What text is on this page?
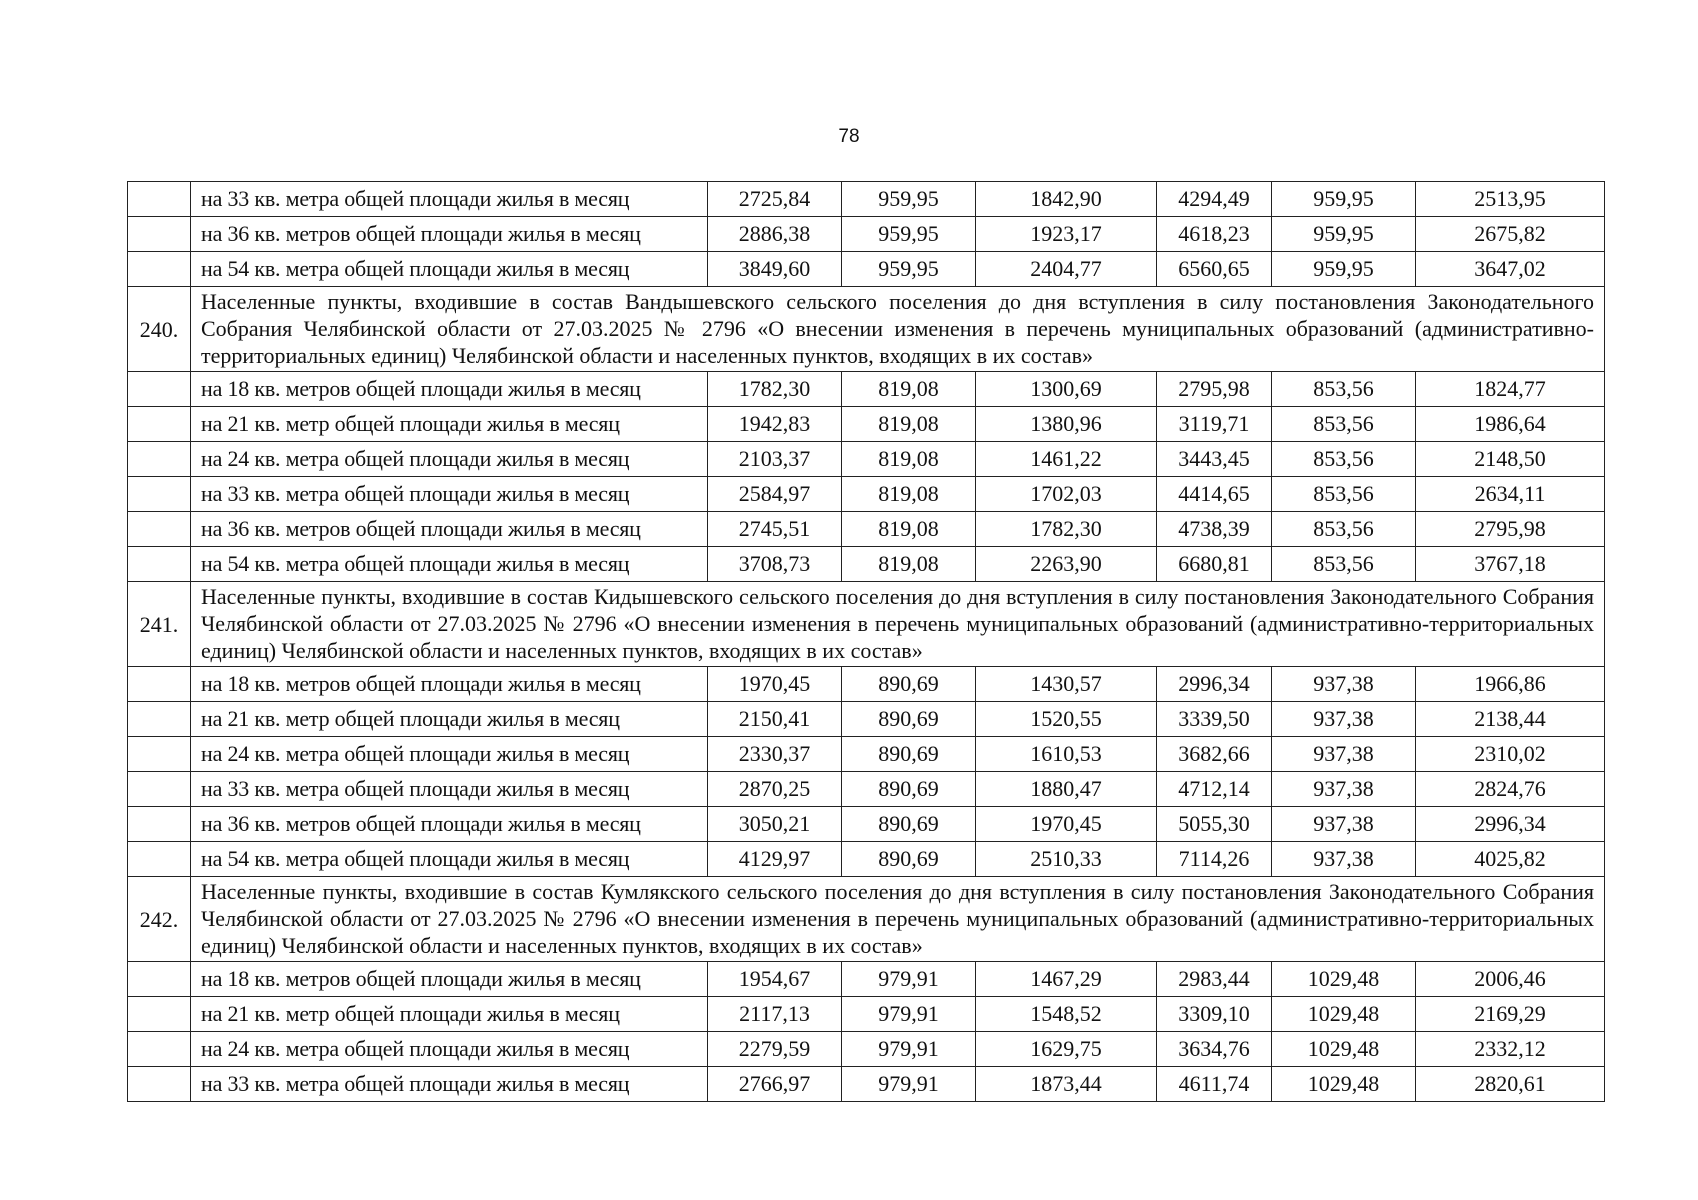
78
	на 33 кв. метра общей площади жилья в месяц	2725,84	959,95	1842,90	4294,49	959,95	2513,95
	на 36 кв. метров общей площади жилья в месяц	2886,38	959,95	1923,17	4618,23	959,95	2675,82
	на 54 кв. метра общей площади жилья в месяц	3849,60	959,95	2404,77	6560,65	959,95	3647,02
240.	Населенные пункты, входившие в состав Вандышевского сельского поселения до дня вступления в силу постановления Законодательного Собрания Челябинской области от 27.03.2025 № 2796 «О внесении изменения в перечень муниципальных образований (административно-территориальных единиц) Челябинской области и населенных пунктов, входящих в их состав»						
	на 18 кв. метров общей площади жилья в месяц	1782,30	819,08	1300,69	2795,98	853,56	1824,77
	на 21 кв. метр общей площади жилья в месяц	1942,83	819,08	1380,96	3119,71	853,56	1986,64
	на 24 кв. метра общей площади жилья в месяц	2103,37	819,08	1461,22	3443,45	853,56	2148,50
	на 33 кв. метра общей площади жилья в месяц	2584,97	819,08	1702,03	4414,65	853,56	2634,11
	на 36 кв. метров общей площади жилья в месяц	2745,51	819,08	1782,30	4738,39	853,56	2795,98
	на 54 кв. метра общей площади жилья в месяц	3708,73	819,08	2263,90	6680,81	853,56	3767,18
241.	Населенные пункты, входившие в состав Кидышевского сельского поселения до дня вступления в силу постановления Законодательного Собрания Челябинской области от 27.03.2025 № 2796 «О внесении изменения в перечень муниципальных образований (административно-территориальных единиц) Челябинской области и населенных пунктов, входящих в их состав»						
	на 18 кв. метров общей площади жилья в месяц	1970,45	890,69	1430,57	2996,34	937,38	1966,86
	на 21 кв. метр общей площади жилья в месяц	2150,41	890,69	1520,55	3339,50	937,38	2138,44
	на 24 кв. метра общей площади жилья в месяц	2330,37	890,69	1610,53	3682,66	937,38	2310,02
	на 33 кв. метра общей площади жилья в месяц	2870,25	890,69	1880,47	4712,14	937,38	2824,76
	на 36 кв. метров общей площади жилья в месяц	3050,21	890,69	1970,45	5055,30	937,38	2996,34
	на 54 кв. метра общей площади жилья в месяц	4129,97	890,69	2510,33	7114,26	937,38	4025,82
242.	Населенные пункты, входившие в состав Кумлякского сельского поселения до дня вступления в силу постановления Законодательного Собрания Челябинской области от 27.03.2025 № 2796 «О внесении изменения в перечень муниципальных образований (административно-территориальных единиц) Челябинской области и населенных пунктов, входящих в их состав»						
	на 18 кв. метров общей площади жилья в месяц	1954,67	979,91	1467,29	2983,44	1029,48	2006,46
	на 21 кв. метр общей площади жилья в месяц	2117,13	979,91	1548,52	3309,10	1029,48	2169,29
	на 24 кв. метра общей площади жилья в месяц	2279,59	979,91	1629,75	3634,76	1029,48	2332,12
	на 33 кв. метра общей площади жилья в месяц	2766,97	979,91	1873,44	4611,74	1029,48	2820,61
